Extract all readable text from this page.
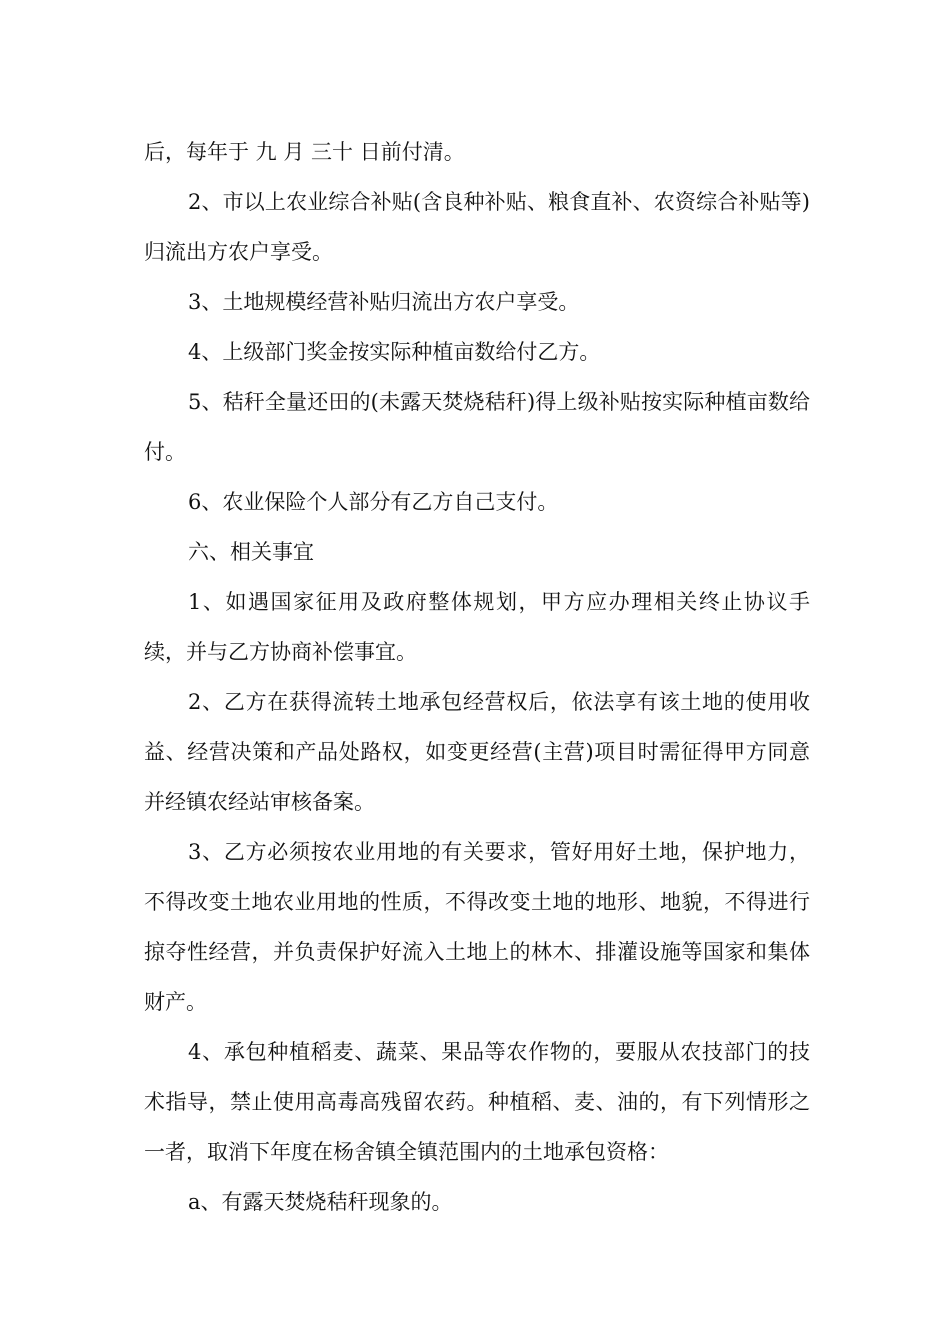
后，每年于 九 月 三十 日前付清。

2、市以上农业综合补贴(含良种补贴、粮食直补、农资综合补贴等)归流出方农户享受。

3、土地规模经营补贴归流出方农户享受。

4、上级部门奖金按实际种植亩数给付乙方。

5、秸秆全量还田的(未露天焚烧秸秆)得上级补贴按实际种植亩数给付。

6、农业保险个人部分有乙方自己支付。

六、相关事宜

1、如遇国家征用及政府整体规划，甲方应办理相关终止协议手续，并与乙方协商补偿事宜。

2、乙方在获得流转土地承包经营权后，依法享有该土地的使用收益、经营决策和产品处路权，如变更经营(主营)项目时需征得甲方同意并经镇农经站审核备案。

3、乙方必须按农业用地的有关要求，管好用好土地，保护地力，不得改变土地农业用地的性质，不得改变土地的地形、地貌，不得进行掠夺性经营，并负责保护好流入土地上的林木、排灌设施等国家和集体财产。

4、承包种植稻麦、蔬菜、果品等农作物的，要服从农技部门的技术指导，禁止使用高毒高残留农药。种植稻、麦、油的，有下列情形之一者，取消下年度在杨舍镇全镇范围内的土地承包资格：

a、有露天焚烧秸秆现象的。
